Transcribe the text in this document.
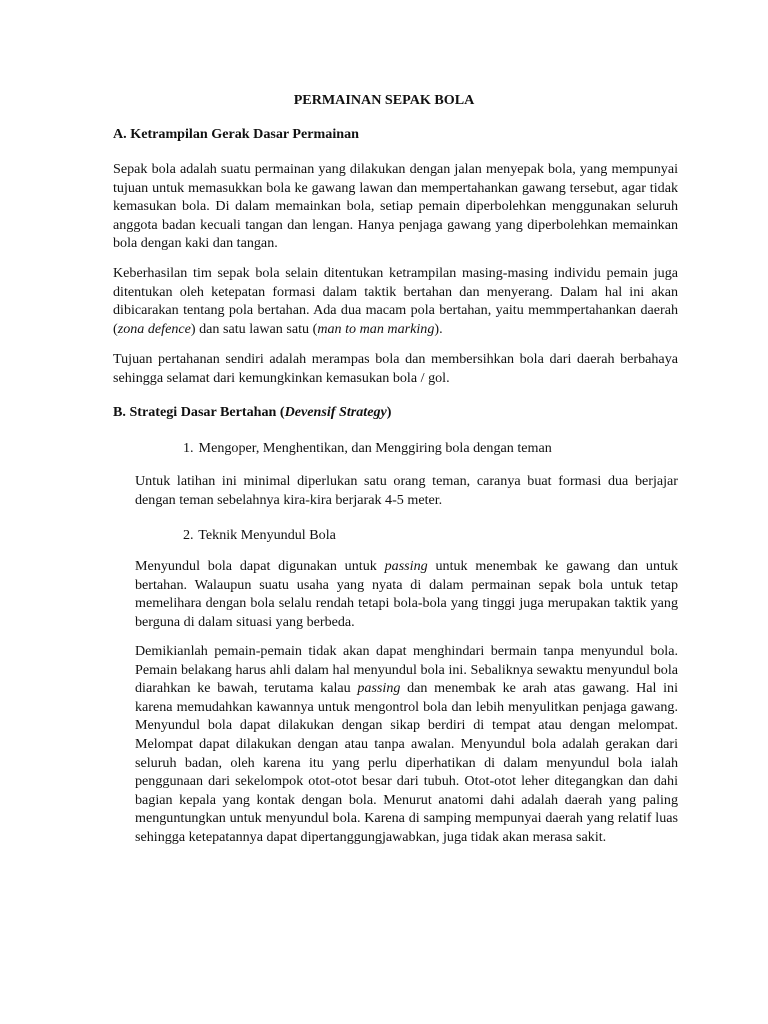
PERMAINAN SEPAK BOLA
A. Ketrampilan Gerak Dasar Permainan

Sepak bola adalah suatu permainan yang dilakukan dengan jalan menyepak bola, yang mempunyai tujuan untuk memasukkan bola ke gawang lawan dan mempertahankan gawang tersebut, agar tidak kemasukan bola. Di dalam memainkan bola, setiap pemain diperbolehkan menggunakan seluruh anggota badan kecuali tangan dan lengan. Hanya penjaga gawang yang diperbolehkan memainkan bola dengan kaki dan tangan.

Keberhasilan tim sepak bola selain ditentukan ketrampilan masing-masing individu pemain juga ditentukan oleh ketepatan formasi dalam taktik bertahan dan menyerang. Dalam hal ini akan dibicarakan tentang pola bertahan. Ada dua macam pola bertahan, yaitu memmpertahankan daerah (zona defence) dan satu lawan satu (man to man marking).

Tujuan pertahanan sendiri adalah merampas bola dan membersihkan bola dari daerah berbahaya sehingga selamat dari kemungkinkan kemasukan bola / gol.

B. Strategi Dasar Bertahan (Devensif Strategy)

1. Mengoper, Menghentikan, dan Menggiring bola dengan teman

Untuk latihan ini minimal diperlukan satu orang teman, caranya buat formasi dua berjajar dengan teman sebelahnya kira-kira berjarak 4-5 meter.

2. Teknik Menyundul Bola

Menyundul bola dapat digunakan untuk passing untuk menembak ke gawang dan untuk bertahan. Walaupun suatu usaha yang nyata di dalam permainan sepak bola untuk tetap memelihara dengan bola selalu rendah tetapi bola-bola yang tinggi juga merupakan taktik yang berguna di dalam situasi yang berbeda.

Demikianlah pemain-pemain tidak akan dapat menghindari bermain tanpa menyundul bola. Pemain belakang harus ahli dalam hal menyundul bola ini. Sebaliknya sewaktu menyundul bola diarahkan ke bawah, terutama kalau passing dan menembak ke arah atas gawang. Hal ini karena memudahkan kawannya untuk mengontrol bola dan lebih menyulitkan penjaga gawang. Menyundul bola dapat dilakukan dengan sikap berdiri di tempat atau dengan melompat. Melompat dapat dilakukan dengan atau tanpa awalan. Menyundul bola adalah gerakan dari seluruh badan, oleh karena itu yang perlu diperhatikan di dalam menyundul bola ialah penggunaan dari sekelompok otot-otot besar dari tubuh. Otot-otot leher ditegangkan dan dahi bagian kepala yang kontak dengan bola. Menurut anatomi dahi adalah daerah yang paling menguntungkan untuk menyundul bola. Karena di samping mempunyai daerah yang relatif luas sehingga ketepatannya dapat dipertanggungjawabkan, juga tidak akan merasa sakit.
